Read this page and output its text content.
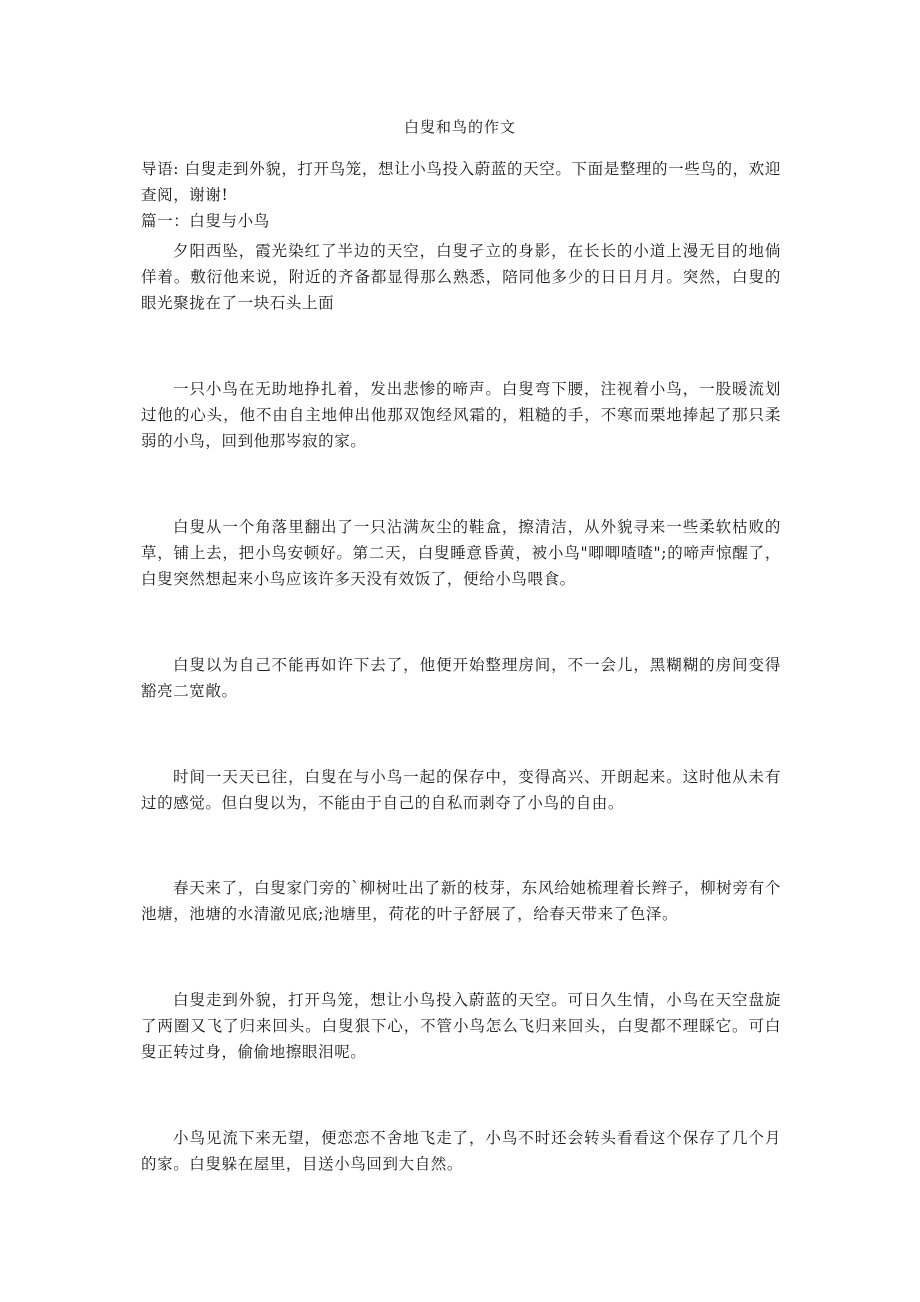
白叟和鸟的作文

导语: 白叟走到外貌，打开鸟笼，想让小鸟投入蔚蓝的天空。下面是整理的一些鸟的，欢迎查阅，谢谢!

篇一：白叟与小鸟

夕阳西坠，霞光染红了半边的天空，白叟孑立的身影，在长长的小道上漫无目的地倘佯着。敷衍他来说，附近的齐备都显得那么熟悉，陪同他多少的日日月月。突然，白叟的眼光聚拢在了一块石头上面

一只小鸟在无助地挣扎着，发出悲惨的啼声。白叟弯下腰，注视着小鸟，一股暖流划过他的心头，他不由自主地伸出他那双饱经风霜的，粗糙的手，不寒而栗地捧起了那只柔弱的小鸟，回到他那岑寂的家。

白叟从一个角落里翻出了一只沾满灰尘的鞋盒，擦清洁，从外貌寻来一些柔软枯败的草，铺上去，把小鸟安顿好。第二天，白叟睡意昏黄，被小鸟"唧唧喳喳";的啼声惊醒了，白叟突然想起来小鸟应该许多天没有效饭了，便给小鸟喂食。

白叟以为自己不能再如许下去了，他便开始整理房间，不一会儿，黑糊糊的房间变得豁亮二宽敞。

时间一天天已往，白叟在与小鸟一起的保存中，变得高兴、开朗起来。这时他从未有过的感觉。但白叟以为，不能由于自己的自私而剥夺了小鸟的自由。

春天来了，白叟家门旁的`柳树吐出了新的枝芽，东风给她梳理着长辫子，柳树旁有个池塘，池塘的水清澈见底;池塘里，荷花的叶子舒展了，给春天带来了色泽。

白叟走到外貌，打开鸟笼，想让小鸟投入蔚蓝的天空。可日久生情，小鸟在天空盘旋了两圈又飞了归来回头。白叟狠下心，不管小鸟怎么飞归来回头，白叟都不理睬它。可白叟正转过身，偷偷地擦眼泪呢。

小鸟见流下来无望，便恋恋不舍地飞走了，小鸟不时还会转头看看这个保存了几个月的家。白叟躲在屋里，目送小鸟回到大自然。
